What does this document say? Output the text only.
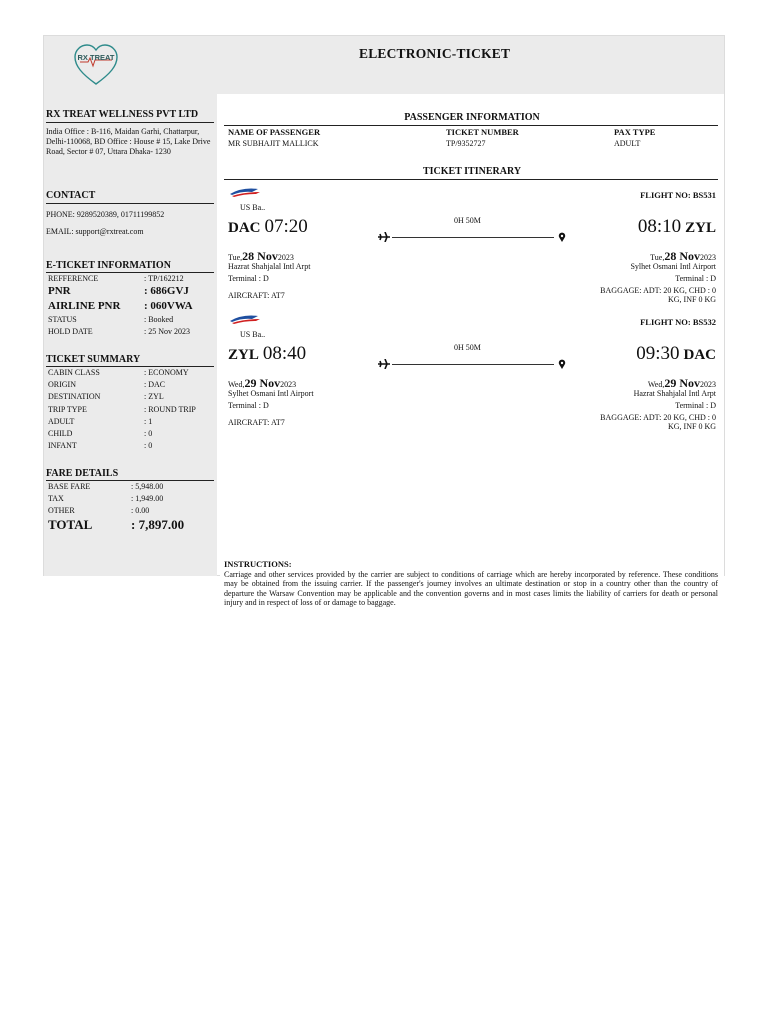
RX TREAT	ELECTRONIC-TICKET
RX TREAT WELLNESS PVT LTD
India Office : B-116, Maidan Garhi, Chattarpur, Delhi-110068, BD Office : House # 15, Lake Drive Road, Sector # 07, Uttara Dhaka- 1230
CONTACT
PHONE: 9289520389, 01711199852
EMAIL: support@rxtreat.com
E-TICKET INFORMATION
REFFERENCE	: TP/162212
PNR	: 686GVJ
AIRLINE PNR : 060VWA
STATUS	: Booked
HOLD DATE	: 25 Nov 2023
TICKET SUMMARY
CABIN CLASS	: ECONOMY
ORIGIN	: DAC
DESTINATION	: ZYL
TRIP TYPE	: ROUND TRIP
ADULT	: 1
CHILD	: 0
INFANT	: 0
FARE DETAILS
BASE FARE	: 5,948.00
TAX	: 1,949.00
OTHER	: 0.00
TOTAL	: 7,897.00
PASSENGER INFORMATION
NAME OF PASSENGER	TICKET NUMBER	PAX TYPE
MR SUBHAJIT MALLICK	TP/9352727	ADULT
TICKET ITINERARY
US Ba..
FLIGHT NO: BS531
DAC 07:20	08:10 ZYL
0H 50M
Tue,28 Nov2023	Tue,28 Nov2023
Hazrat Shahjalal Intl Arpt	Sylhet Osmani Intl Airport
Terminal : D	Terminal : D
AIRCRAFT: AT7
BAGGAGE: ADT: 20 KG, CHD : 0
KG, INF 0 KG
US Ba..
FLIGHT NO: BS532
ZYL 08:40	09:30 DAC
0H 50M
Wed,29 Nov2023	Wed,29 Nov2023
Sylhet Osmani Intl Airport	Hazrat Shahjalal Intl Arpt
Terminal : D	Terminal : D
AIRCRAFT: AT7
BAGGAGE: ADT: 20 KG, CHD : 0
KG, INF 0 KG
INSTRUCTIONS:
Carriage and other services provided by the carrier are subject to conditions of carriage which are hereby incorporated by reference. These conditions may be obtained from the issuing carrier. If the passenger's journey involves an ultimate destination or stop in a country other than the country of departure the Warsaw Convention may be applicable and the convention governs and in most cases limits the liability of carriers for death or personal injury and in respect of loss of or damage to baggage.
